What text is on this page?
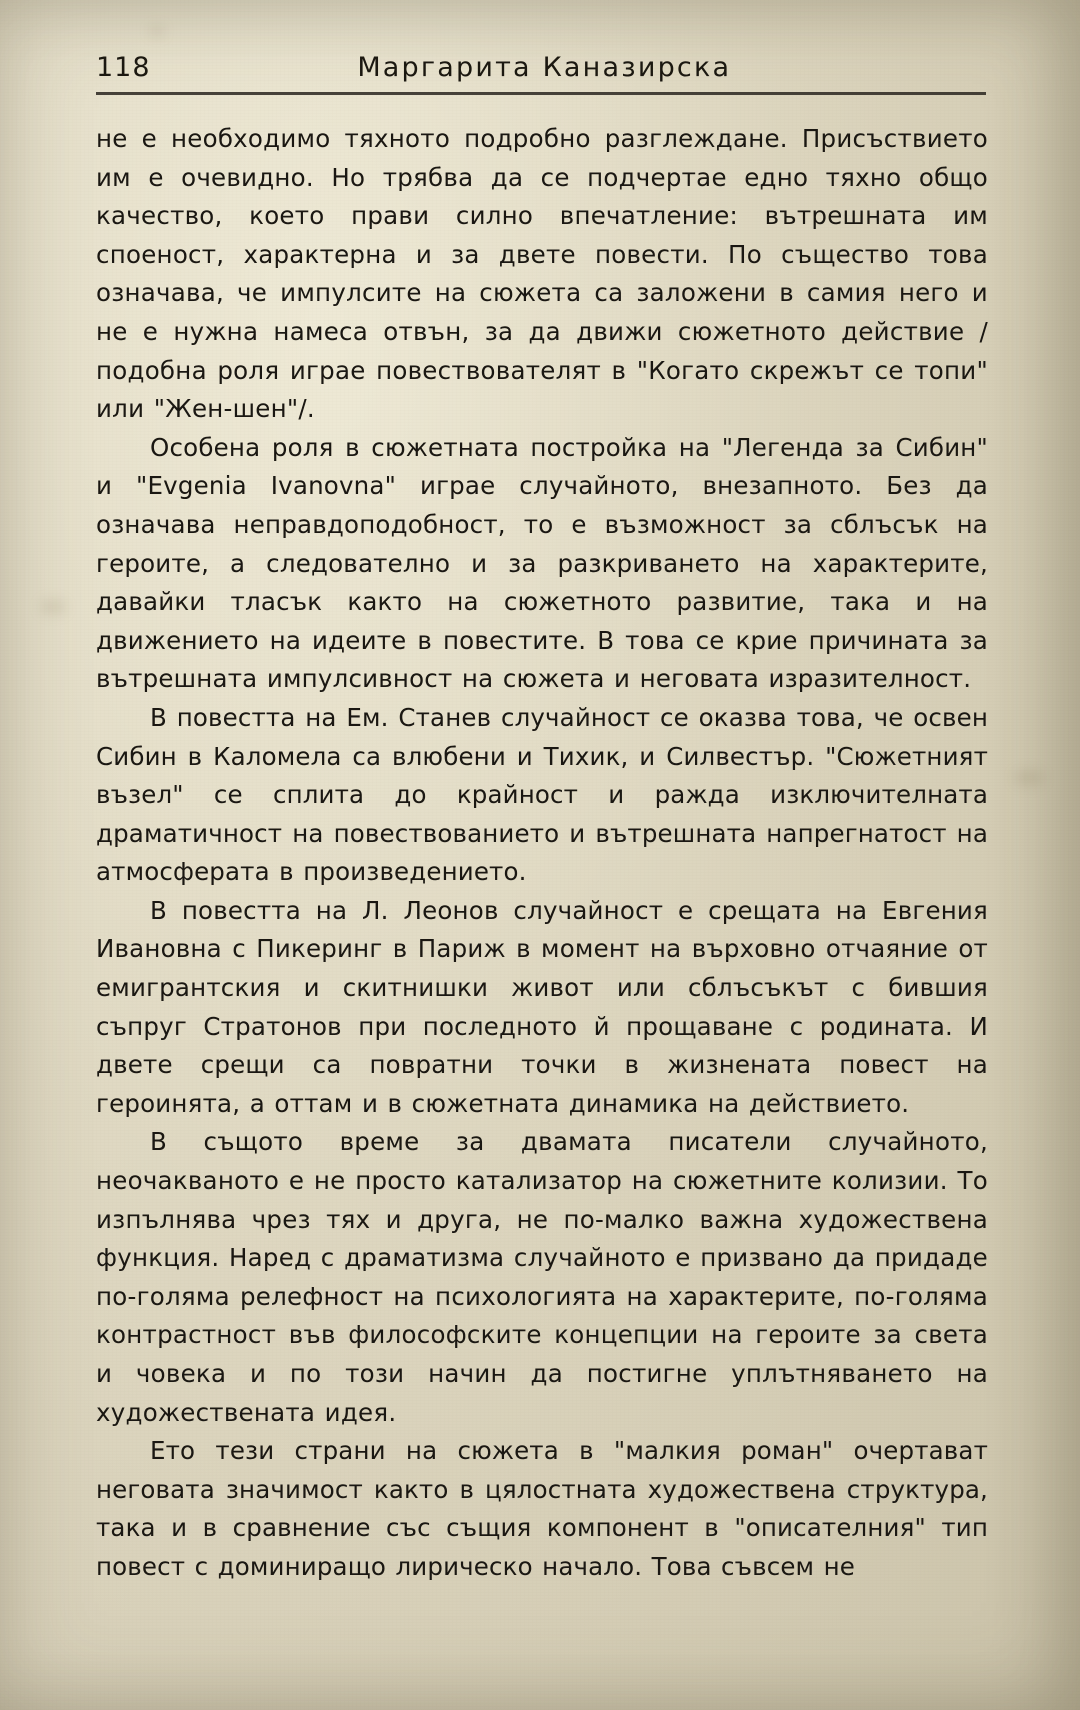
118	Маргарита Каназирска

не е необходимо тяхното подробно разглеждане. Присъствието им е очевидно. Но трябва да се подчертае едно тяхно общо качество, което прави силно впечатление: вътрешната им споеност, характерна и за двете повести. По същество това означава, че импулсите на сюжета са заложени в самия него и не е нужна намеса отвън, за да движи сюжетното действие /подобна роля играе повествователят в "Когато скрежът се топи" или "Жен-шен"/.

Особена роля в сюжетната постройка на "Легенда за Сибин" и "Evgenia Ivanovna" играе случайното, внезапното. Без да означава неправдоподобност, то е възможност за сблъсък на героите, а следователно и за разкриването на характерите, давайки тласък както на сюжетното развитие, така и на движението на идеите в повестите. В това се крие причината за вътрешната импулсивност на сюжета и неговата изразителност.

В повестта на Ем. Станев случайност се оказва това, че освен Сибин в Каломела са влюбени и Тихик, и Силвестър. "Сюжетният възел" се сплита до крайност и ражда изключителната драматичност на повествованието и вътрешната напрегнатост на атмосферата в произведението.

В повестта на Л. Леонов случайност е срещата на Евгения Ивановна с Пикеринг в Париж в момент на върховно отчаяние от емигрантския и скитнишки живот или сблъсъкът с бившия съпруг Стратонов при последното й прощаване с родината. И двете срещи са повратни точки в жизнената повест на героинята, а оттам и в сюжетната динамика на действието.

В същото време за двамата писатели случайното, неочакваното е не просто катализатор на сюжетните колизии. То изпълнява чрез тях и друга, не по-малко важна художествена функция. Наред с драматизма случайното е призвано да придаде по-голяма релефност на психологията на характерите, по-голяма контрастност във философските концепции на героите за света и човека и по този начин да постигне уплътняването на художествената идея.

Ето тези страни на сюжета в "малкия роман" очертават неговата значимост както в цялостната художествена структура, така и в сравнение със същия компонент в "описателния" тип повест с доминиращо лирическо начало. Това съвсем не
